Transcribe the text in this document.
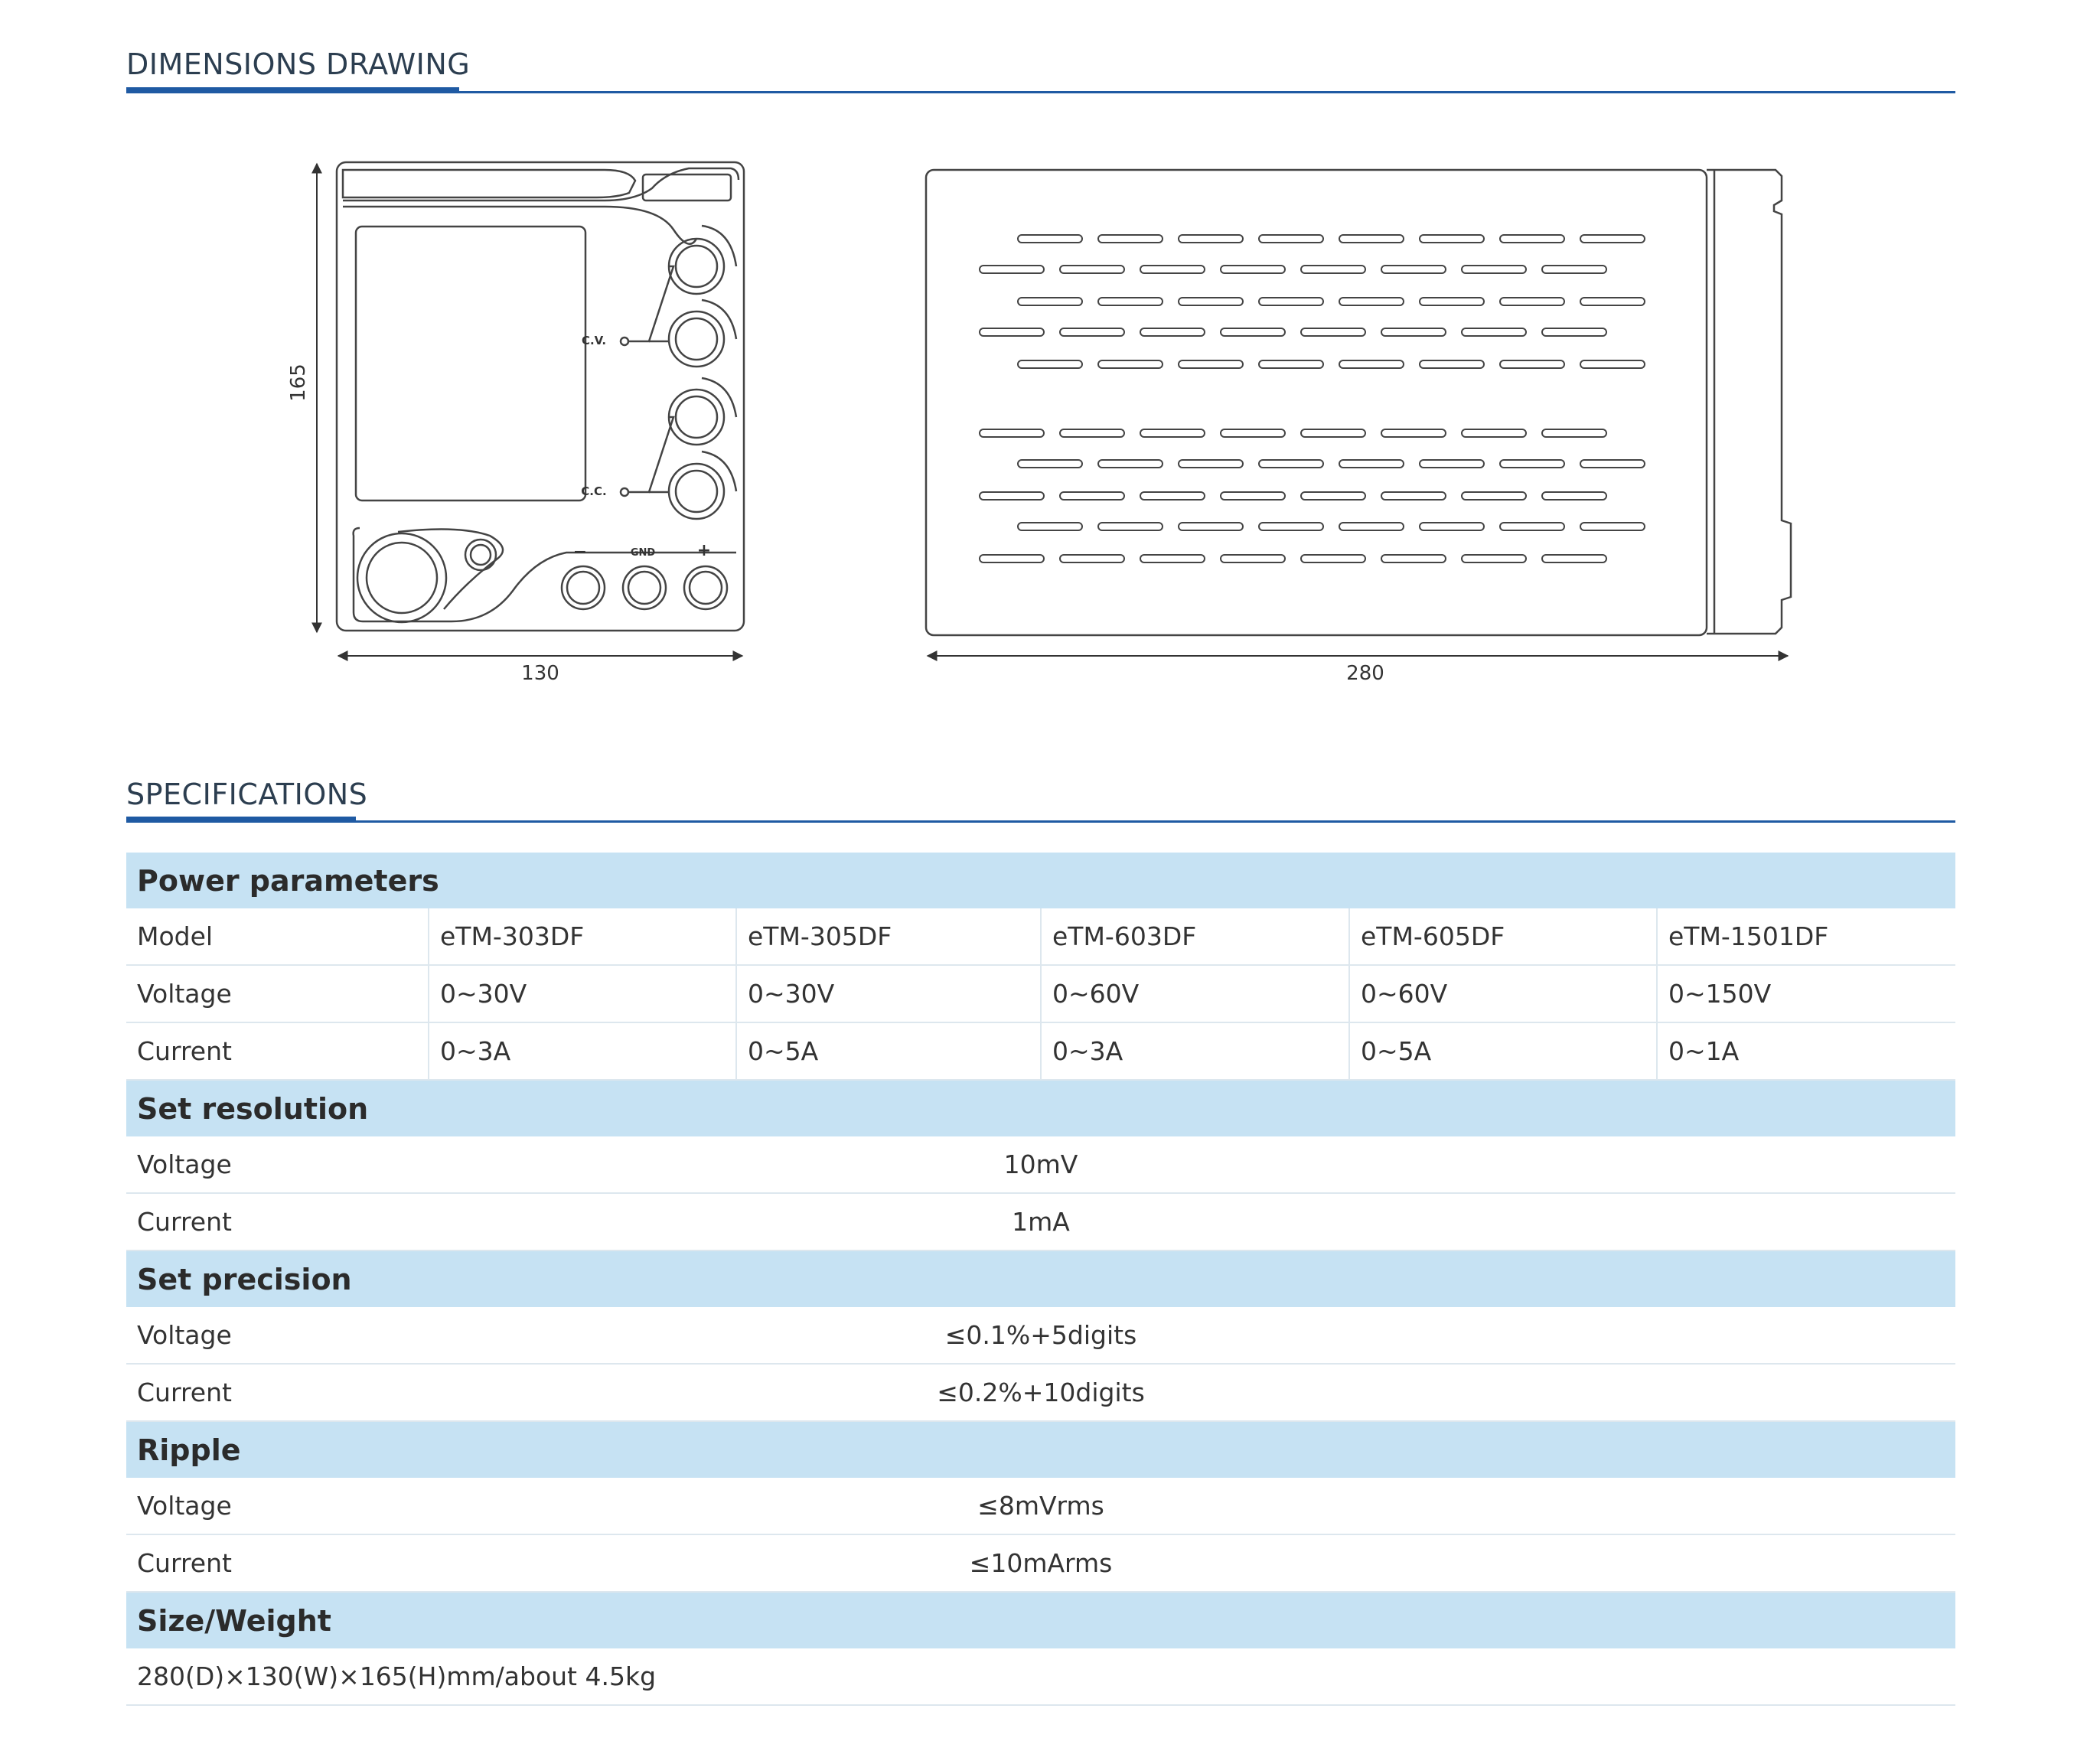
DIMENSIONS DRAWING
C.V.
C.C.
−	GND +
165
130	280
SPECIFICATIONS
Power parameters					
Model	eTM-303DF	eTM-305DF	eTM-603DF	eTM-605DF	eTM-1501DF
Voltage	0~30V	0~30V	0~60V	0~60V	0~150V
Current	0~3A	0~5A	0~3A	0~5A	0~1A
Set resolution					
Voltage	10mV				
Current	1mA				
Set precision					
Voltage	≤0.1%+5digits				
Current	≤0.2%+10digits				
Ripple					
Voltage	≤8mVrms				
Current	≤10mArms				
Size/Weight					
280(D)×130(W)×165(H)mm/about 4.5kg					
